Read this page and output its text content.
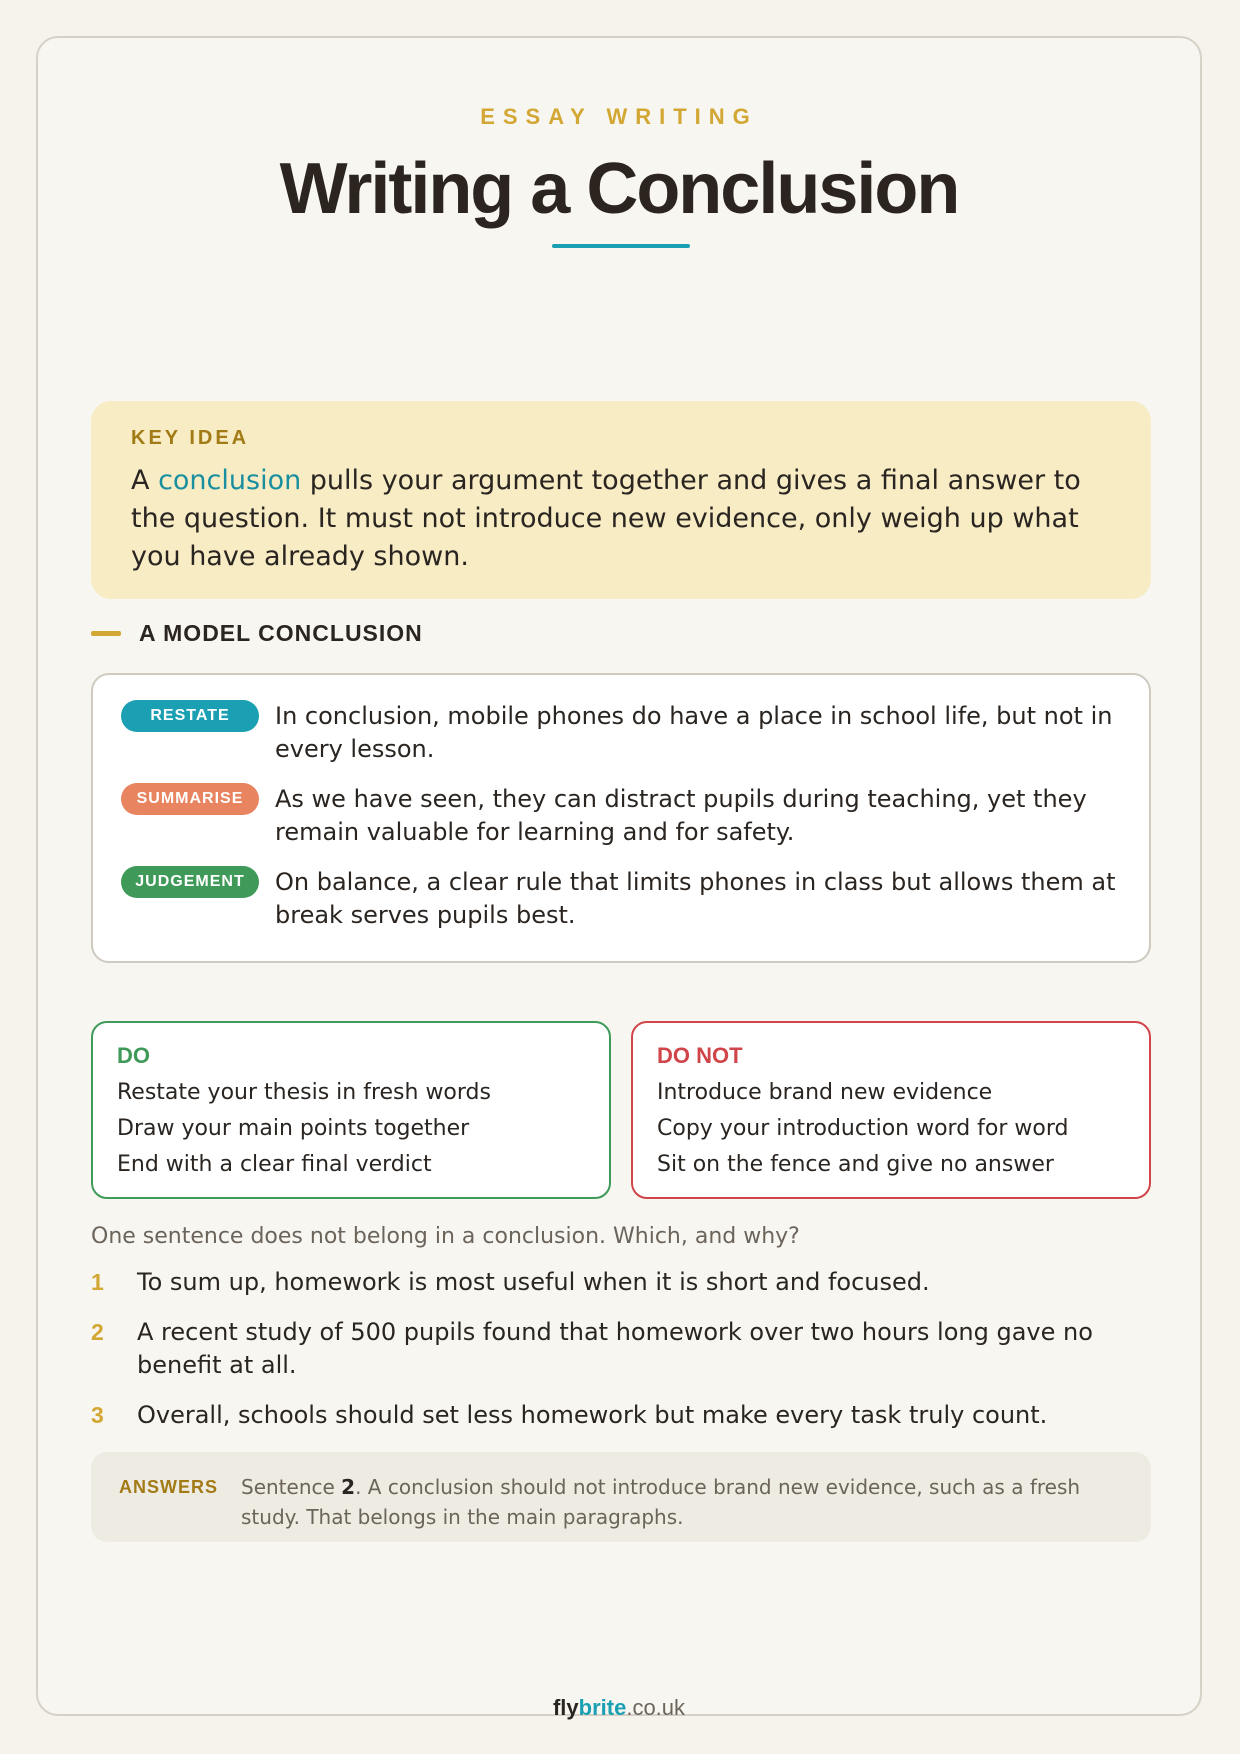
ESSAY WRITING
Writing a Conclusion
KEY IDEA
A conclusion pulls your argument together and gives a final answer to the question. It must not introduce new evidence, only weigh up what you have already shown.
A MODEL CONCLUSION
RESTATE	In conclusion, mobile phones do have a place in school life, but not in every lesson.
SUMMARISE	As we have seen, they can distract pupils during teaching, yet they remain valuable for learning and for safety.
JUDGEMENT	On balance, a clear rule that limits phones in class but allows them at break serves pupils best.
DO
Restate your thesis in fresh words
Draw your main points together
End with a clear final verdict
DO NOT
Introduce brand new evidence
Copy your introduction word for word
Sit on the fence and give no answer
One sentence does not belong in a conclusion. Which, and why?
1	To sum up, homework is most useful when it is short and focused.
2	A recent study of 500 pupils found that homework over two hours long gave no benefit at all.
3	Overall, schools should set less homework but make every task truly count.
ANSWERS	Sentence 2. A conclusion should not introduce brand new evidence, such as a fresh study. That belongs in the main paragraphs.
flybrite.co.uk
